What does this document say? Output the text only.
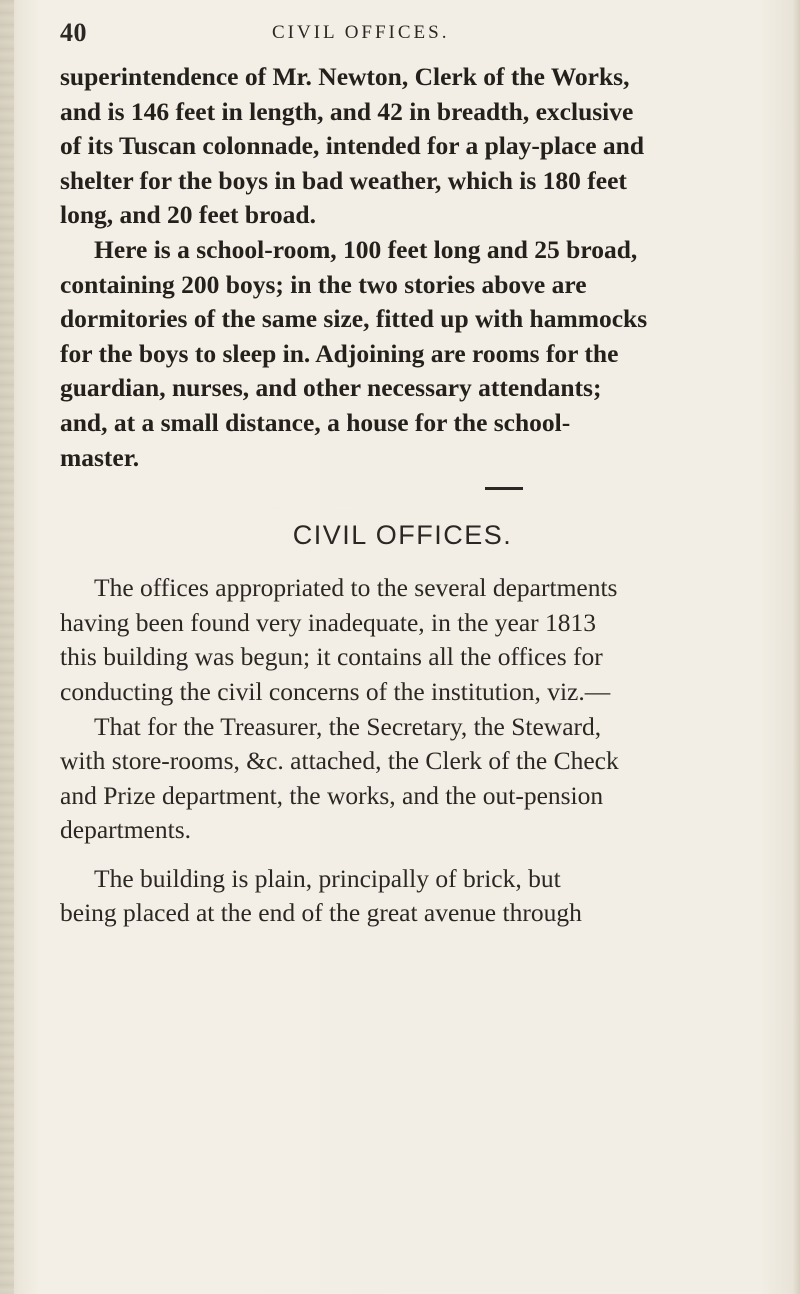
40	CIVIL OFFICES.

superintendence of Mr. Newton, Clerk of the Works,
and is 146 feet in length, and 42 in breadth, exclusive
of its Tuscan colonnade, intended for a play-place and
shelter for the boys in bad weather, which is 180 feet
long, and 20 feet broad.

Here is a school-room, 100 feet long and 25 broad,
containing 200 boys; in the two stories above are
dormitories of the same size, fitted up with hammocks
for the boys to sleep in. Adjoining are rooms for the
guardian, nurses, and other necessary attendants;
and, at a small distance, a house for the school-
master.

CIVIL OFFICES.

The offices appropriated to the several departments
having been found very inadequate, in the year 1813
this building was begun; it contains all the offices for
conducting the civil concerns of the institution, viz.—

That for the Treasurer, the Secretary, the Steward,
with store-rooms, &c. attached, the Clerk of the Check
and Prize department, the works, and the out-pension
departments.

The building is plain, principally of brick, but
being placed at the end of the great avenue through
